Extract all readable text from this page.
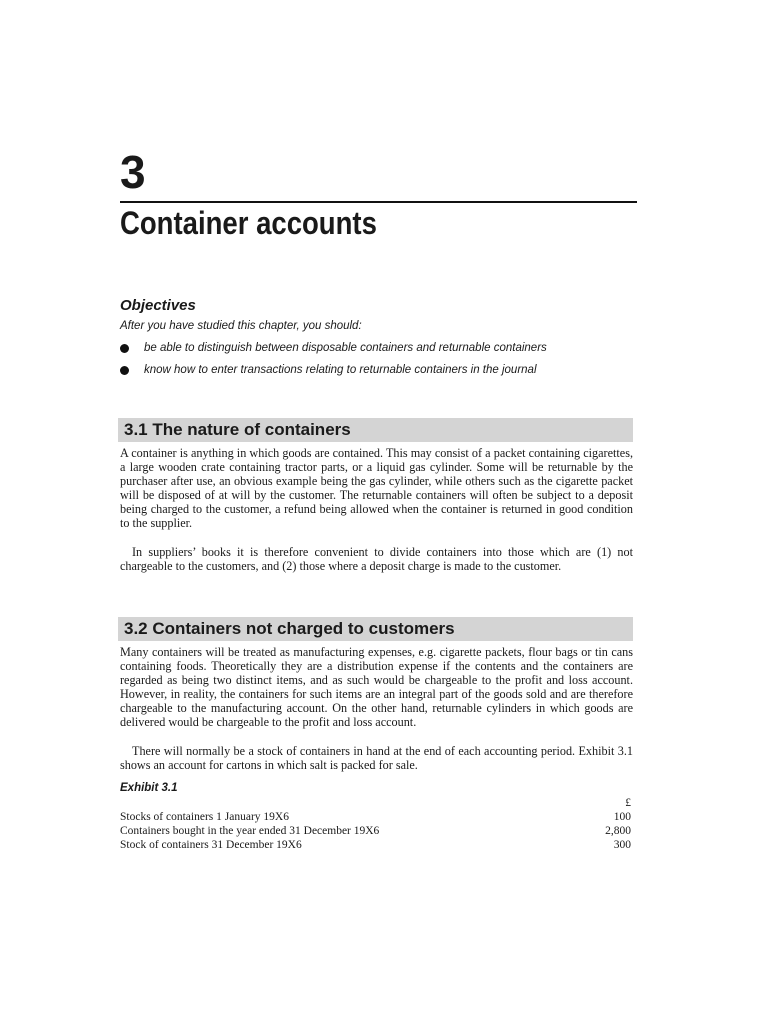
3
Container accounts
Objectives
After you have studied this chapter, you should:
be able to distinguish between disposable containers and returnable containers
know how to enter transactions relating to returnable containers in the journal
3.1 The nature of containers

A container is anything in which goods are contained. This may consist of a packet containing cigarettes, a large wooden crate containing tractor parts, or a liquid gas cylinder. Some will be returnable by the purchaser after use, an obvious example being the gas cylinder, while others such as the cigarette packet will be disposed of at will by the customer. The returnable containers will often be subject to a deposit being charged to the customer, a refund being allowed when the container is returned in good condition to the supplier.

In suppliers’ books it is therefore convenient to divide containers into those which are (1) not chargeable to the customers, and (2) those where a deposit charge is made to the customer.

3.2 Containers not charged to customers

Many containers will be treated as manufacturing expenses, e.g. cigarette packets, flour bags or tin cans containing foods. Theoretically they are a distribution expense if the contents and the containers are regarded as being two distinct items, and as such would be chargeable to the profit and loss account. However, in reality, the containers for such items are an integral part of the goods sold and are therefore chargeable to the manufacturing account. On the other hand, returnable cylinders in which goods are delivered would be chargeable to the profit and loss account.

There will normally be a stock of containers in hand at the end of each accounting period. Exhibit 3.1 shows an account for cartons in which salt is packed for sale.

Exhibit 3.1
£
Stocks of containers 1 January 19X6	100
Containers bought in the year ended 31 December 19X6	2,800
Stock of containers 31 December 19X6	300
